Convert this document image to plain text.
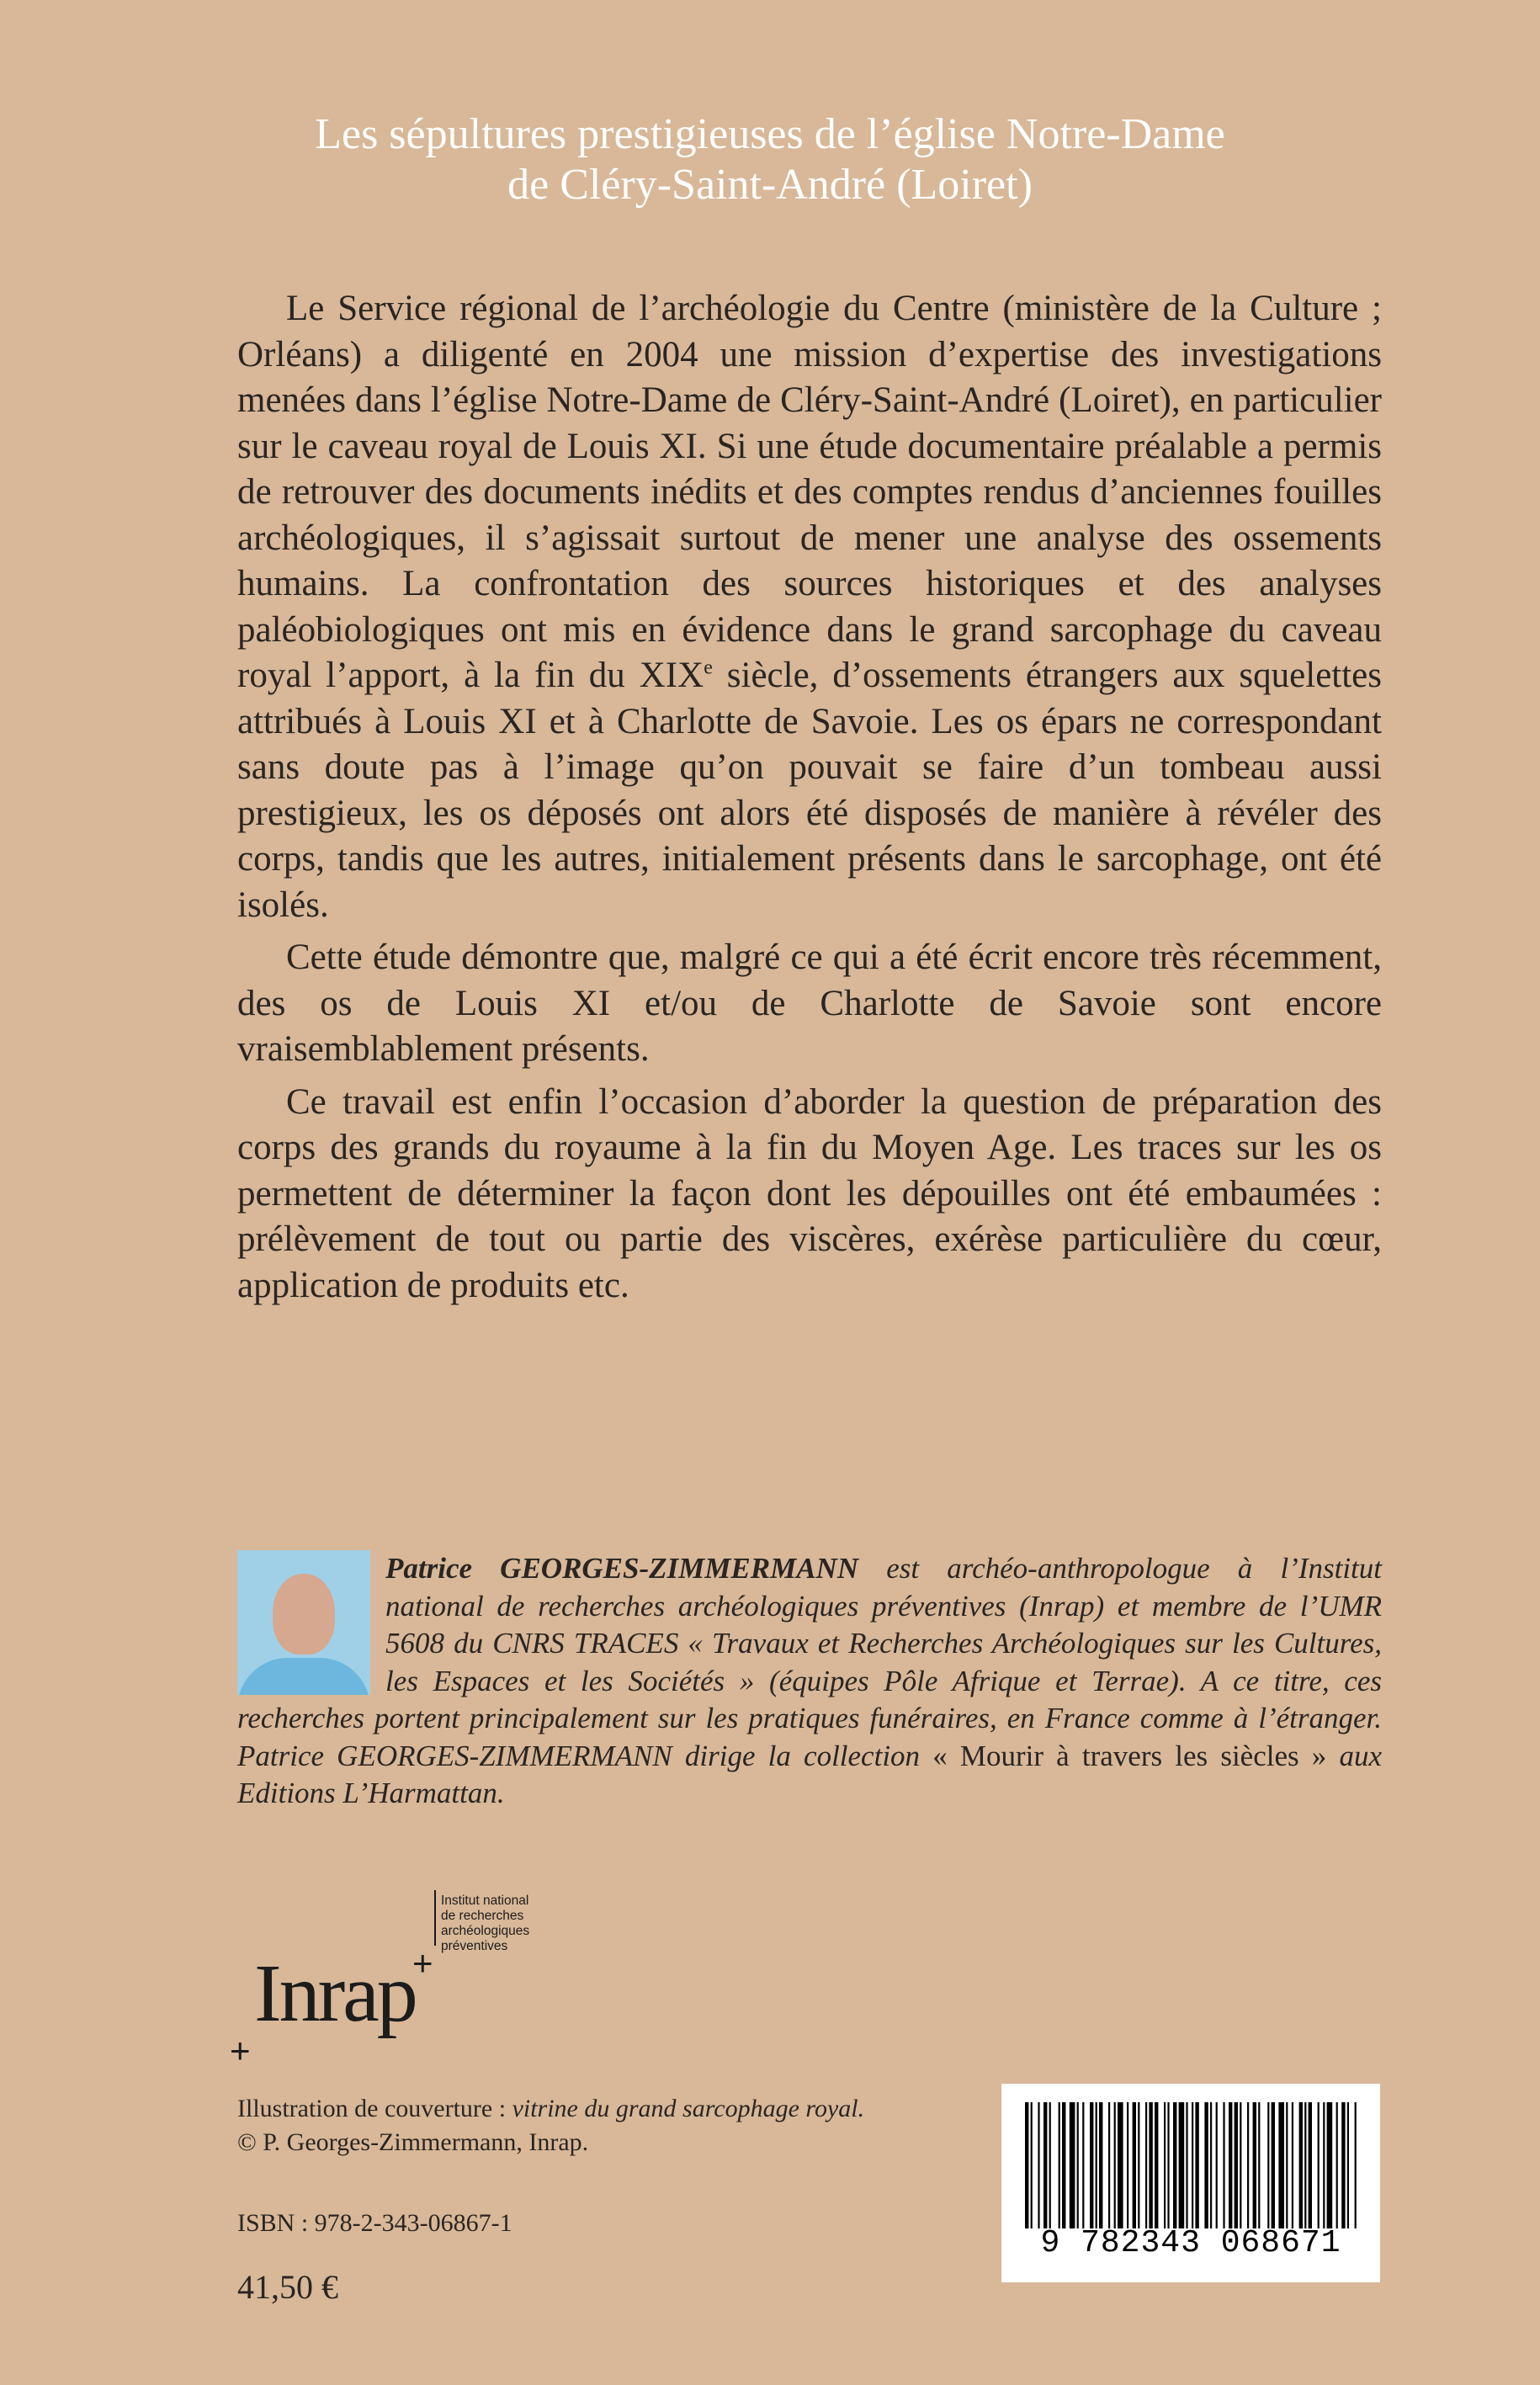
Les sépultures prestigieuses de l’église Notre-Dame
de Cléry-Saint-André (Loiret)

Le Service régional de l’archéologie du Centre (ministère de la Culture ; Orléans) a diligenté en 2004 une mission d’expertise des investigations menées dans l’église Notre-Dame de Cléry-Saint-André (Loiret), en particulier sur le caveau royal de Louis XI. Si une étude documentaire préalable a permis de retrouver des documents inédits et des comptes rendus d’anciennes fouilles archéologiques, il s’agissait surtout de mener une analyse des ossements humains. La confrontation des sources historiques et des analyses paléobiologiques ont mis en évidence dans le grand sarcophage du caveau royal l’apport, à la fin du XIXe siècle, d’ossements étrangers aux squelettes attribués à Louis XI et à Charlotte de Savoie. Les os épars ne correspondant sans doute pas à l’image qu’on pouvait se faire d’un tombeau aussi prestigieux, les os déposés ont alors été disposés de manière à révéler des corps, tandis que les autres, initialement présents dans le sarcophage, ont été isolés.

Cette étude démontre que, malgré ce qui a été écrit encore très récemment, des os de Louis XI et/ou de Charlotte de Savoie sont encore vraisemblablement présents.

Ce travail est enfin l’occasion d’aborder la question de préparation des corps des grands du royaume à la fin du Moyen Age. Les traces sur les os permettent de déterminer la façon dont les dépouilles ont été embaumées : prélèvement de tout ou partie des viscères, exérèse particulière du cœur, application de produits etc.

Patrice GEORGES-ZIMMERMANN est archéo-anthropologue à l’Institut national de recherches archéologiques préventives (Inrap) et membre de l’UMR 5608 du CNRS TRACES « Travaux et Recherches Archéologiques sur les Cultures, les Espaces et les Sociétés » (équipes Pôle Afrique et Terrae). A ce titre, ces recherches portent principalement sur les pratiques funéraires, en France comme à l’étranger. Patrice GEORGES-ZIMMERMANN dirige la collection « Mourir à travers les siècles » aux Editions L’Harmattan.
Institut national
de recherches
archéologiques
préventives
Inrap
+
+
Illustration de couverture : vitrine du grand sarcophage royal.
© P. Georges-Zimmermann, Inrap.
ISBN : 978-2-343-06867-1
41,50 €
9 782343 068671
